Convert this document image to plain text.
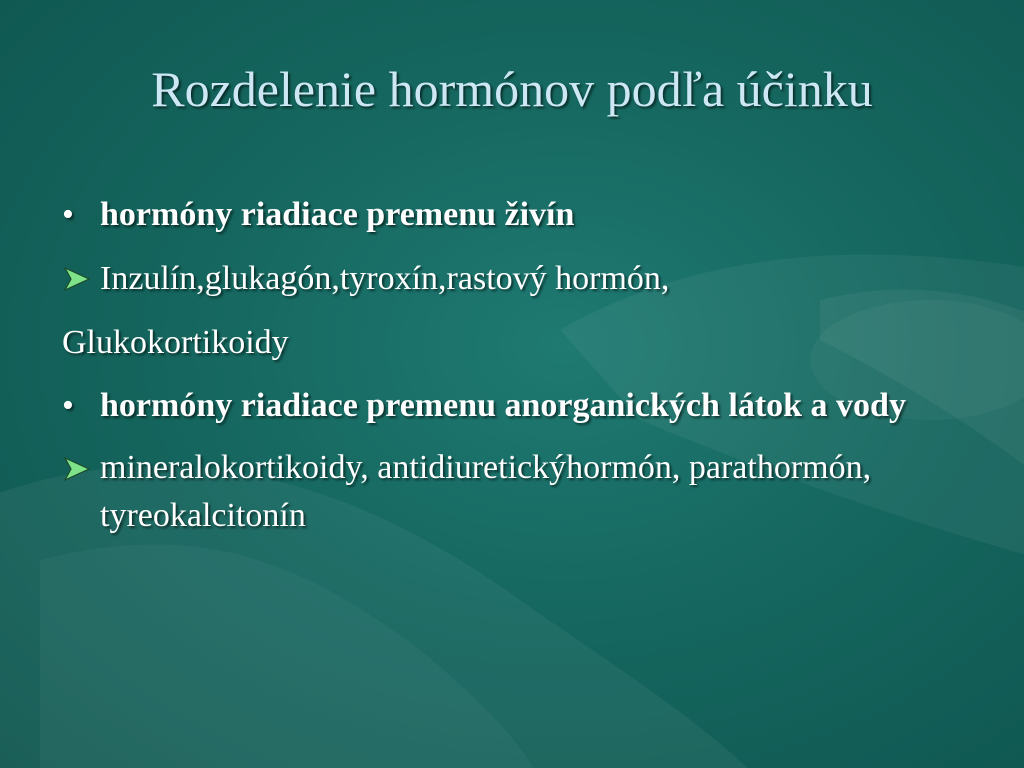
Rozdelenie hormónov podľa účinku
• hormóny riadiace premenu živín
Inzulín,glukagón,tyroxín,rastový hormón,
Glukokortikoidy
• hormóny riadiace premenu anorganických látok a vody
mineralokortikoidy, antidiuretickýhormón, parathormón, tyreokalcitonín
